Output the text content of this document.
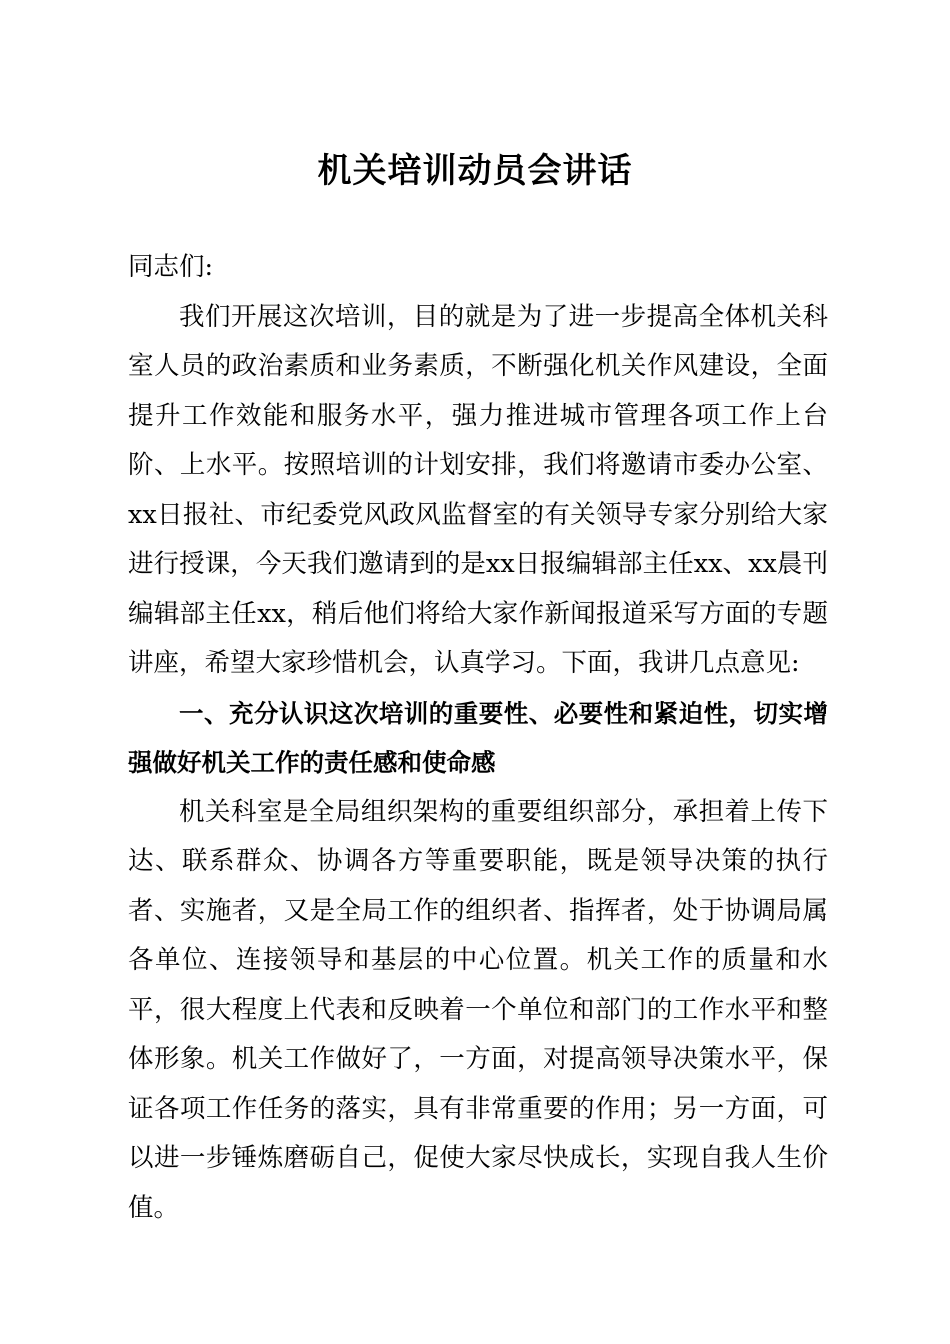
机关培训动员会讲话

同志们:

我们开展这次培训，目的就是为了进一步提高全体机关科室人员的政治素质和业务素质，不断强化机关作风建设，全面提升工作效能和服务水平，强力推进城市管理各项工作上台阶、上水平。按照培训的计划安排，我们将邀请市委办公室、xx日报社、市纪委党风政风监督室的有关领导专家分别给大家进行授课，今天我们邀请到的是xx日报编辑部主任xx、xx晨刊编辑部主任xx，稍后他们将给大家作新闻报道采写方面的专题讲座，希望大家珍惜机会，认真学习。下面，我讲几点意见:

一、充分认识这次培训的重要性、必要性和紧迫性，切实增强做好机关工作的责任感和使命感

机关科室是全局组织架构的重要组织部分，承担着上传下达、联系群众、协调各方等重要职能，既是领导决策的执行者、实施者，又是全局工作的组织者、指挥者，处于协调局属各单位、连接领导和基层的中心位置。机关工作的质量和水平，很大程度上代表和反映着一个单位和部门的工作水平和整体形象。机关工作做好了，一方面，对提高领导决策水平，保证各项工作任务的落实，具有非常重要的作用；另一方面，可以进一步锤炼磨砺自己，促使大家尽快成长，实现自我人生价值。
